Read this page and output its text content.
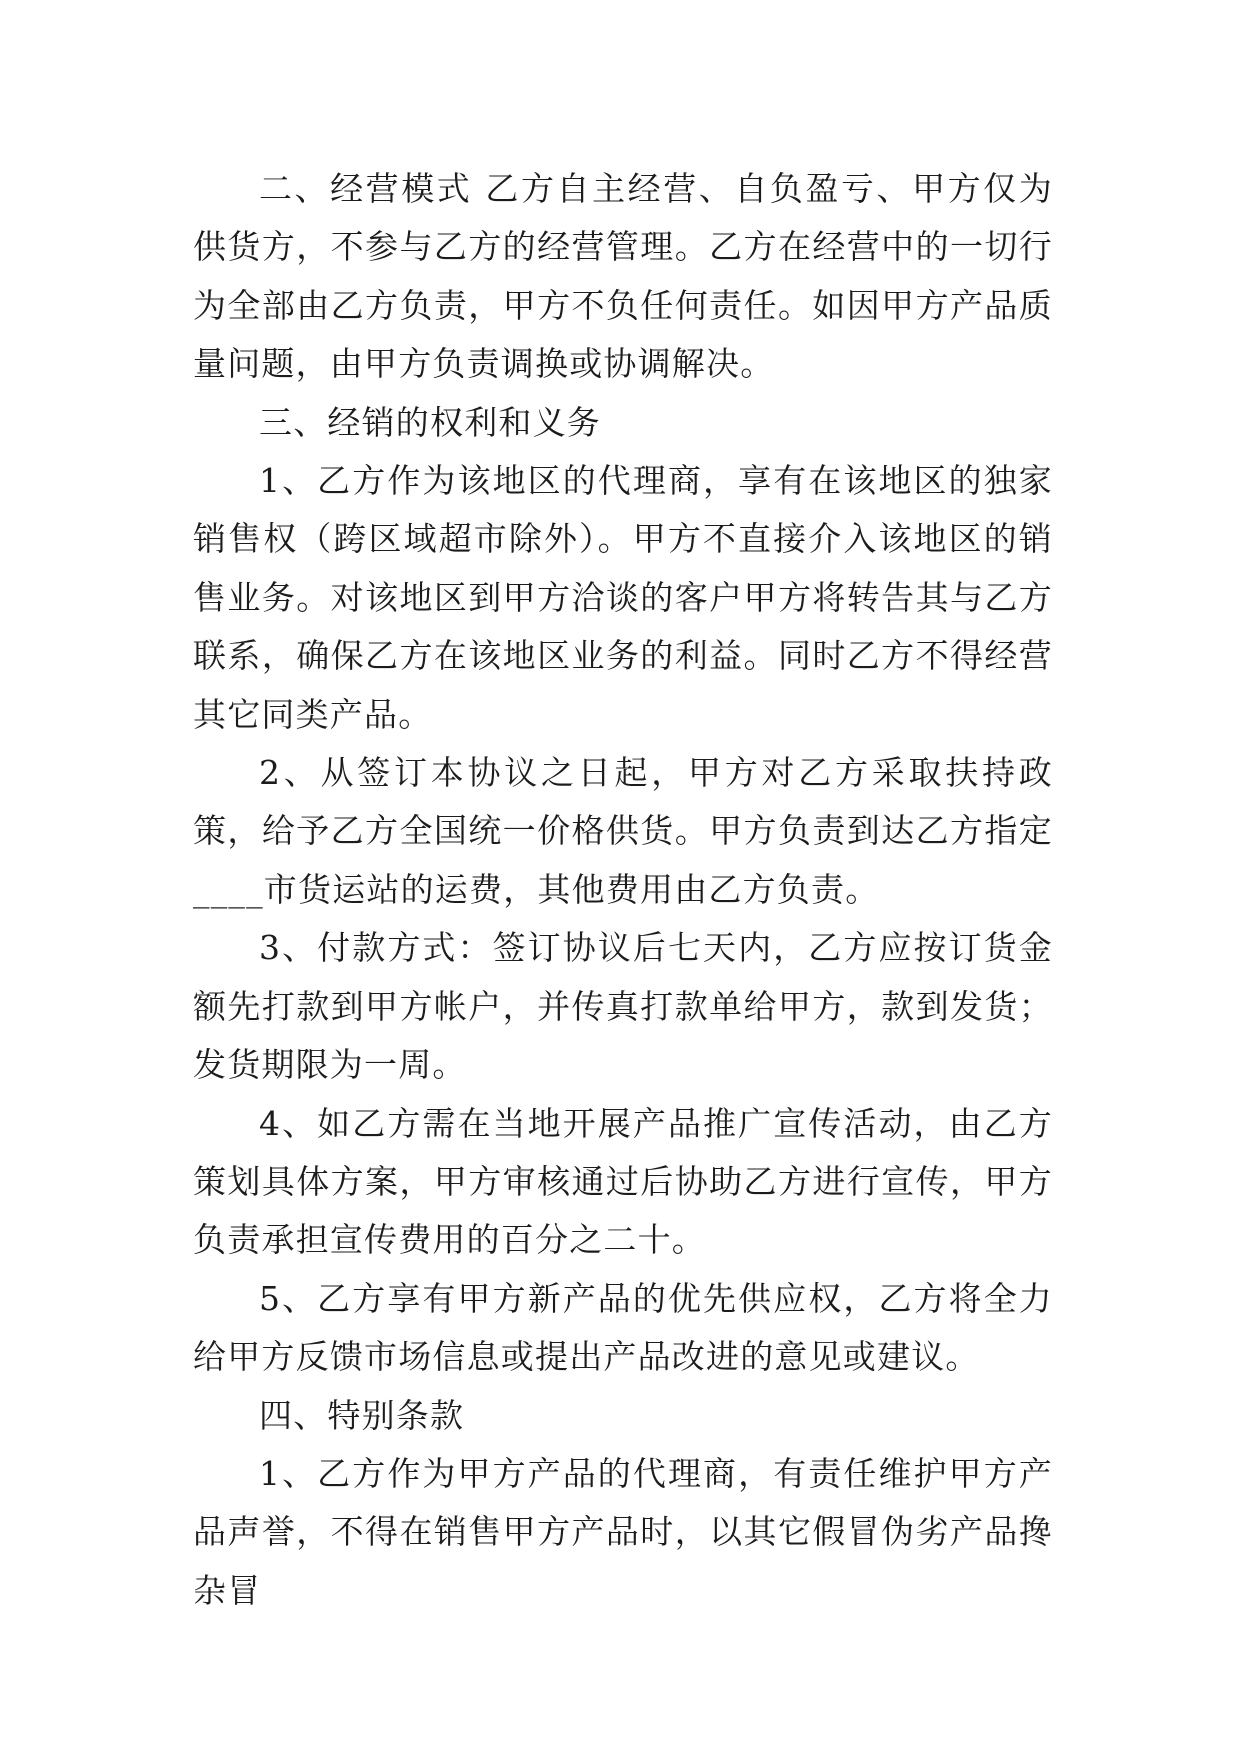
二、经营模式 乙方自主经营、自负盈亏、甲方仅为供货方，不参与乙方的经营管理。乙方在经营中的一切行为全部由乙方负责，甲方不负任何责任。如因甲方产品质量问题，由甲方负责调换或协调解决。

三、经销的权利和义务

1、乙方作为该地区的代理商，享有在该地区的独家销售权（跨区域超市除外）。甲方不直接介入该地区的销售业务。对该地区到甲方洽谈的客户甲方将转告其与乙方联系，确保乙方在该地区业务的利益。同时乙方不得经营其它同类产品。

2、从签订本协议之日起，甲方对乙方采取扶持政策，给予乙方全国统一价格供货。甲方负责到达乙方指定____市货运站的运费，其他费用由乙方负责。

3、付款方式：签订协议后七天内，乙方应按订货金额先打款到甲方帐户，并传真打款单给甲方，款到发货；发货期限为一周。

4、如乙方需在当地开展产品推广宣传活动，由乙方策划具体方案，甲方审核通过后协助乙方进行宣传，甲方负责承担宣传费用的百分之二十。

5、乙方享有甲方新产品的优先供应权，乙方将全力给甲方反馈市场信息或提出产品改进的意见或建议。

四、特别条款

1、乙方作为甲方产品的代理商，有责任维护甲方产品声誉，不得在销售甲方产品时，以其它假冒伪劣产品搀杂冒
